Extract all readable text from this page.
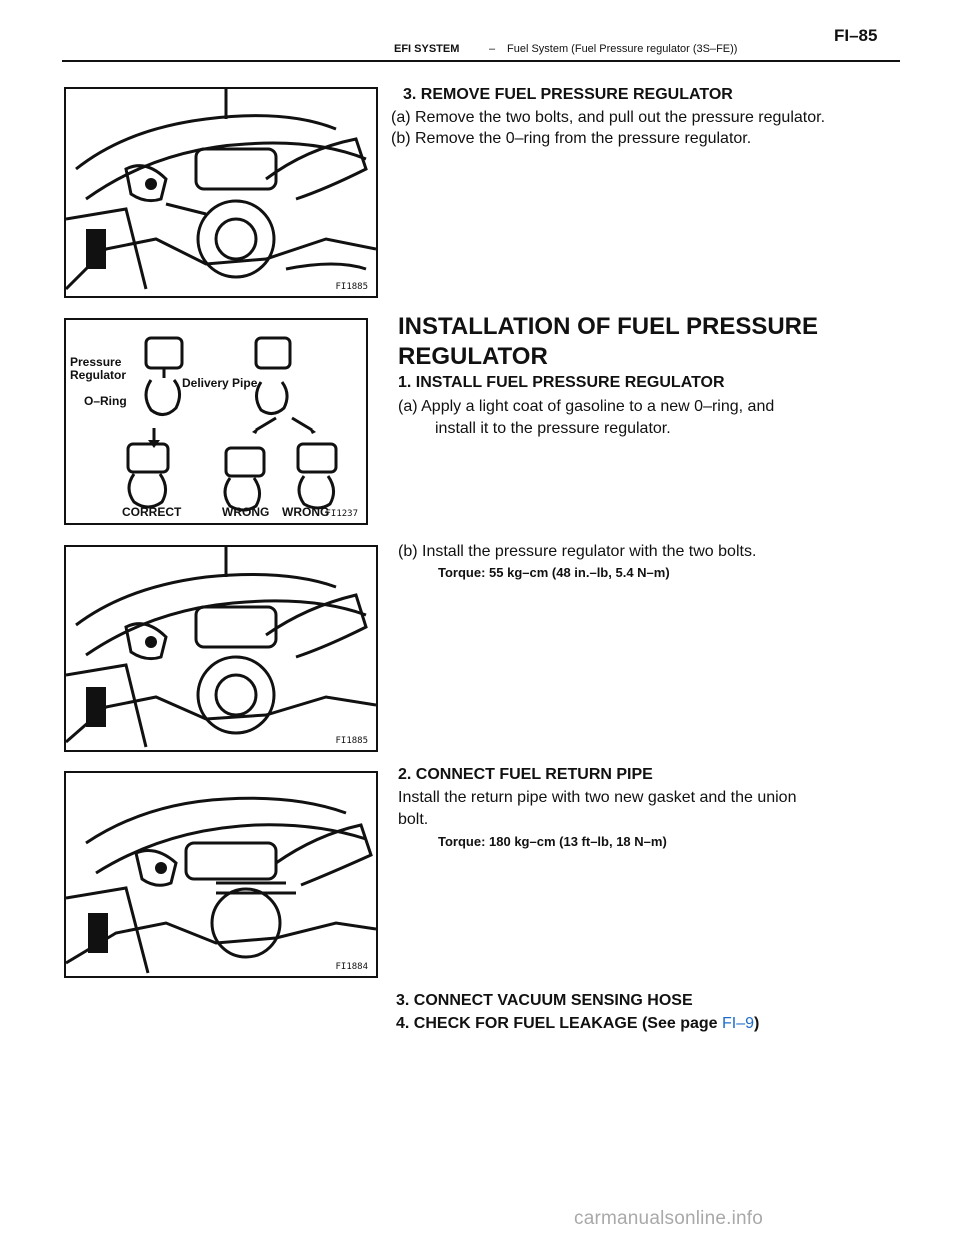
FI–85
EFI SYSTEM	– Fuel System (Fuel Pressure regulator (3S–FE))
FI1885
Pressure
Regulator
Delivery Pipe
O–Ring
CORRECT	WRONG WRONG
FI1237
FI1885
FI1884
3. REMOVE FUEL PRESSURE REGULATOR
(a) Remove the two bolts, and pull out the pressure regulator.
(b) Remove the 0–ring from the pressure regulator.
INSTALLATION OF FUEL PRESSURE
REGULATOR
1. INSTALL FUEL PRESSURE REGULATOR
(a) Apply a light coat of gasoline to a new 0–ring, and
install it to the pressure regulator.
(b) Install the pressure regulator with the two bolts.
Torque: 55 kg–cm (48 in.–lb, 5.4 N–m)
2. CONNECT FUEL RETURN PIPE
Install the return pipe with two new gasket and the union
bolt.
Torque: 180 kg–cm (13 ft–lb, 18 N–m)
3. CONNECT VACUUM SENSING HOSE
4. CHECK FOR FUEL LEAKAGE (See page FI–9)
carmanualsonline.info
